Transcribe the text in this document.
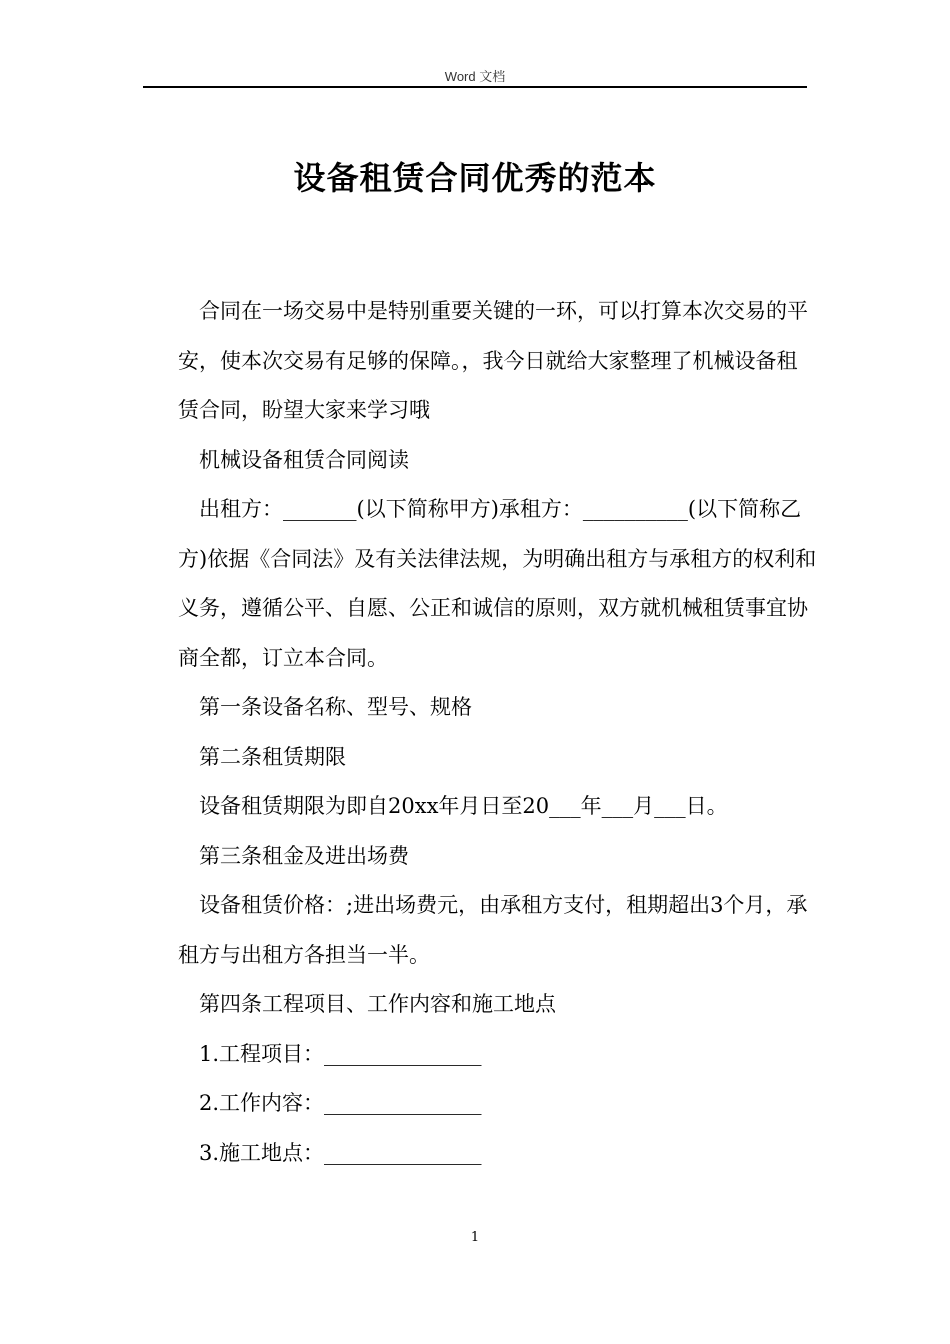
Word 文档
设备租赁合同优秀的范本

合同在一场交易中是特别重要关键的一环，可以打算本次交易的平安，使本次交易有足够的保障。，我今日就给大家整理了机械设备租赁合同，盼望大家来学习哦

机械设备租赁合同阅读

出租方：_______(以下简称甲方)承租方：__________(以下简称乙方)依据《合同法》及有关法律法规，为明确出租方与承租方的权利和义务，遵循公平、自愿、公正和诚信的原则，双方就机械租赁事宜协商全都，订立本合同。

第一条设备名称、型号、规格

第二条租赁期限

设备租赁期限为即自20xx年月日至20___年___月___日。

第三条租金及进出场费

设备租赁价格：;进出场费元，由承租方支付，租期超出3个月，承租方与出租方各担当一半。

第四条工程项目、工作内容和施工地点

1.工程项目：_______________

2.工作内容：_______________

3.施工地点：_______________

1
